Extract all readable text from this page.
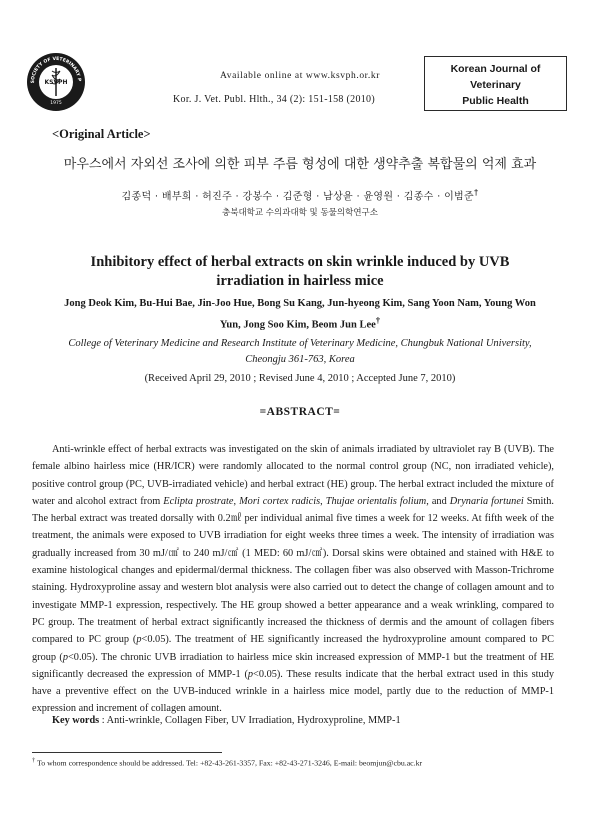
SOCIETY OF VETERINARY P
KSVPH
1975
Available online at www.ksvph.or.kr
Kor. J. Vet. Publ. Hlth., 34 (2): 151-158 (2010)
Korean Journal of
Veterinary
Public Health
<Original Article>
마우스에서 자외선 조사에 의한 피부 주름 형성에 대한 생약추출 복합물의 억제 효과
김종덕 · 배부희 · 허진주 · 강봉수 · 김준형 · 남상윤 · 윤영원 · 김종수 · 이범준†
충북대학교 수의과대학 및 동물의학연구소
Inhibitory effect of herbal extracts on skin wrinkle induced by UVB irradiation in hairless mice
Jong Deok Kim, Bu-Hui Bae, Jin-Joo Hue, Bong Su Kang, Jun-hyeong Kim, Sang Yoon Nam, Young Won Yun, Jong Soo Kim, Beom Jun Lee†
College of Veterinary Medicine and Research Institute of Veterinary Medicine, Chungbuk National University, Cheongju 361-763, Korea
(Received April 29, 2010 ; Revised June 4, 2010 ; Accepted June 7, 2010)
=ABSTRACT=

Anti-wrinkle effect of herbal extracts was investigated on the skin of animals irradiated by ultraviolet ray B (UVB). The female albino hairless mice (HR/ICR) were randomly allocated to the normal control group (NC, non irradiated vehicle), positive control group (PC, UVB-irradiated vehicle) and herbal extract (HE) group. The herbal extract included the mixture of water and alcohol extract from Eclipta prostrate, Mori cortex radicis, Thujae orientalis folium, and Drynaria fortunei Smith. The herbal extract was treated dorsally with 0.2㎖ per individual animal five times a week for 12 weeks. At fifth week of the treatment, the animals were exposed to UVB irradiation for eight weeks three times a week. The intensity of irradiation was gradually increased from 30 mJ/㎠ to 240 mJ/㎠ (1 MED: 60 mJ/㎠). Dorsal skins were obtained and stained with H&E to examine histological changes and epidermal/dermal thickness. The collagen fiber was also observed with Masson-Trichrome staining. Hydroxyproline assay and western blot analysis were also carried out to detect the change of collagen amount and to investigate MMP-1 expression, respectively. The HE group showed a better appearance and a weak wrinkling, compared to PC group. The treatment of herbal extract significantly increased the thickness of dermis and the amount of collagen fibers compared to PC group (p<0.05). The treatment of HE significantly increased the hydroxyproline amount compared to PC group (p<0.05). The chronic UVB irradiation to hairless mice skin increased expression of MMP-1 but the treatment of HE significantly decreased the expression of MMP-1 (p<0.05). These results indicate that the herbal extract used in this study have a preventive effect on the UVB-induced wrinkle in a hairless mice model, partly due to the reduction of MMP-1 expression and increment of collagen amount.

Key words : Anti-wrinkle, Collagen Fiber, UV Irradiation, Hydroxyproline, MMP-1
† To whom correspondence should be addressed. Tel: +82-43-261-3357, Fax: +82-43-271-3246, E-mail: beomjun@cbu.ac.kr
